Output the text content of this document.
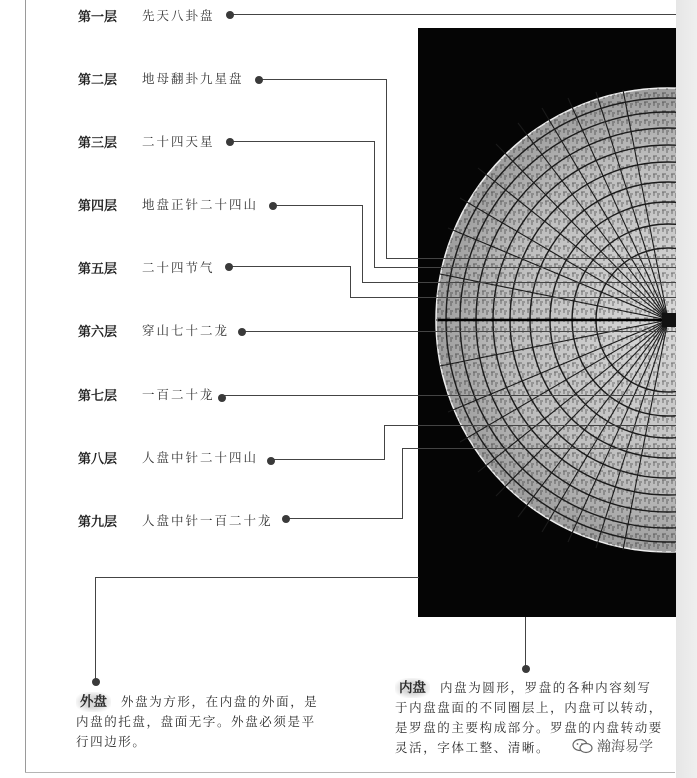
第一层	先天八卦盘
第二层	地母翻卦九星盘
第三层	二十四天星
第四层	地盘正针二十四山
第五层	二十四节气
第六层	穿山七十二龙
第七层	一百二十龙
第八层	人盘中针二十四山
第九层	人盘中针一百二十龙
外盘 外盘为方形，在内盘的外面，是内盘的托盘，盘面无字。外盘必须是平行四边形。
内盘 内盘为圆形，罗盘的各种内容刻写于内盘盘面的不同圈层上，内盘可以转动，是罗盘的主要构成部分。罗盘的内盘转动要灵活，字体工整、清晰。	瀚海易学
